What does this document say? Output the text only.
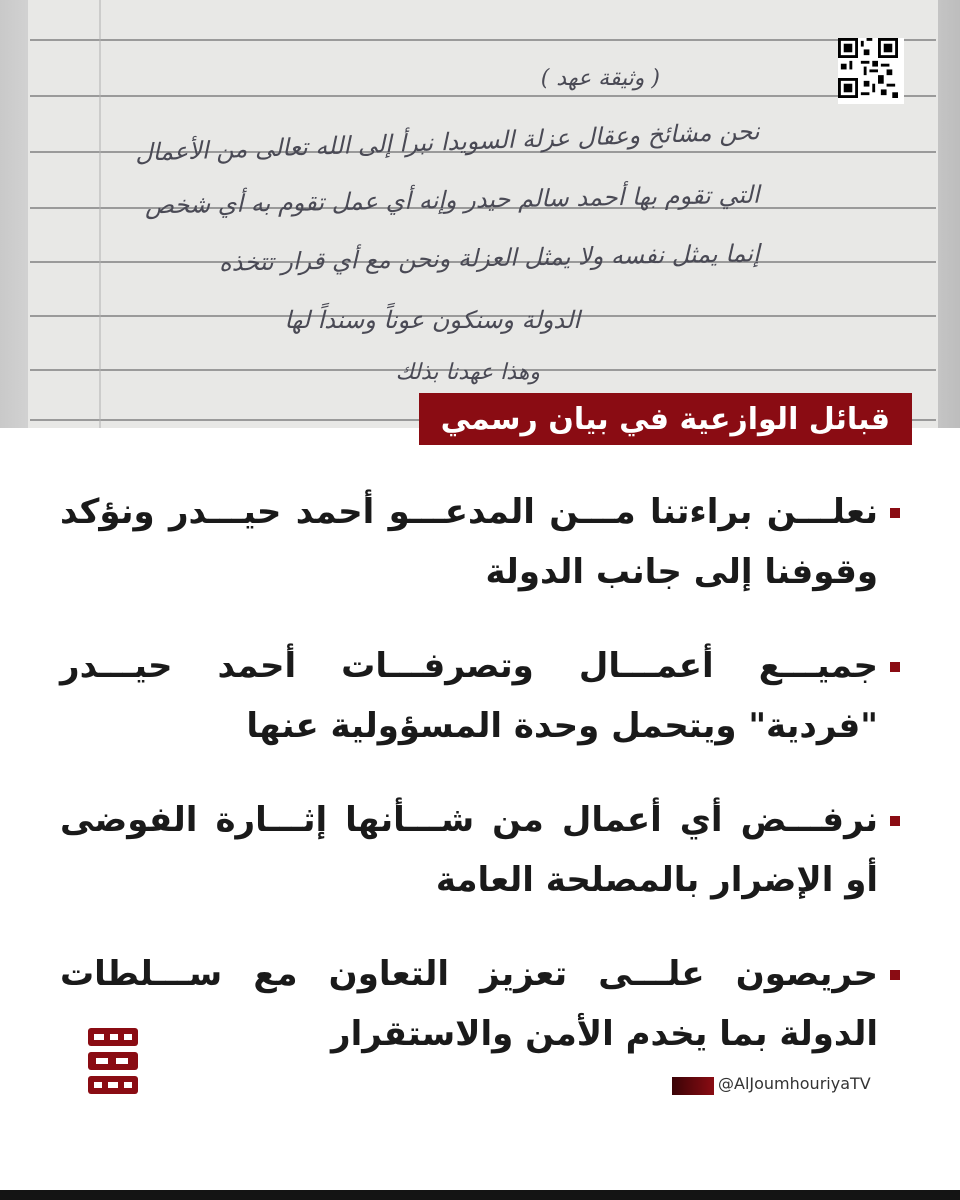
( وثيقة عهد )
نحن مشائخ وعقال عزلة السويدا نبرأ إلى الله تعالى من الأعمال
التي تقوم بها أحمد سالم حيدر وإنه أي عمل تقوم به أي شخص
إنما يمثل نفسه ولا يمثل العزلة ونحن مع أي قرار تتخذه
الدولة وسنكون عوناً وسنداً لها
وهذا عهدنا بذلك
قبائل الوازعية في بيان رسمي
نعلـــن براءتنا مـــن المدعـــو أحمد حيـــدر ونؤكد وقوفنا إلى جانب الدولة
جميـــع أعمـــال وتصرفـــات أحمد حيـــدر "فردية" ويتحمل وحدة المسؤولية عنها
نرفـــض أي أعمال من شـــأنها إثـــارة الفوضى أو الإضرار بالمصلحة العامة
حريصون علـــى تعزيز التعاون مع ســـلطات الدولة بما يخدم الأمن والاستقرار
@AlJoumhouriyaTV
